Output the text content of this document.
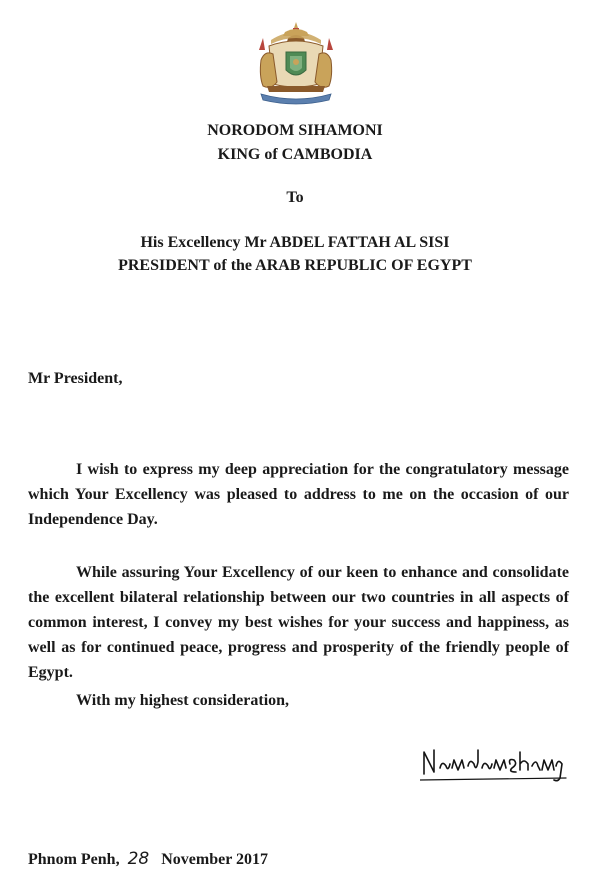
NORODOM SIHAMONI

KING of CAMBODIA

To

His Excellency Mr ABDEL FATTAH AL SISI

PRESIDENT of the ARAB REPUBLIC OF EGYPT

Mr President,

I wish to express my deep appreciation for the congratulatory message which Your Excellency was pleased to address to me on the occasion of our Independence Day.

While assuring Your Excellency of our keen to enhance and consolidate the excellent bilateral relationship between our two countries in all aspects of common interest, I convey my best wishes for your success and happiness, as well as for continued peace, progress and prosperity of the friendly people of Egypt.

With my highest consideration,

Phnom Penh, 28 November 2017
